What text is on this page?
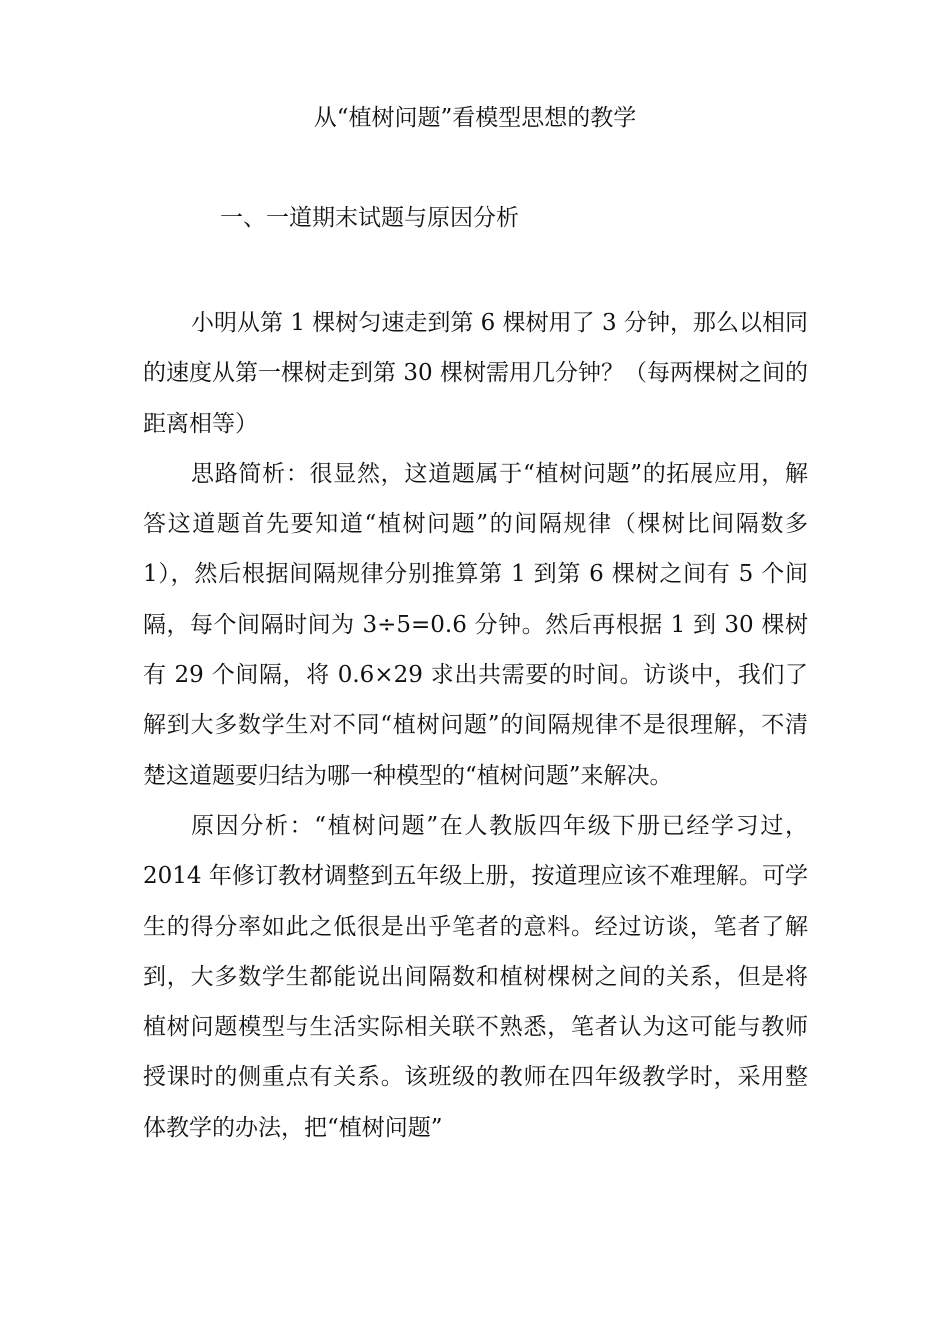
从“植树问题”看模型思想的教学
一、一道期末试题与原因分析

小明从第 1 棵树匀速走到第 6 棵树用了 3 分钟，那么以相同的速度从第一棵树走到第 30 棵树需用几分钟？（每两棵树之间的距离相等）

思路简析：很显然，这道题属于“植树问题”的拓展应用，解答这道题首先要知道“植树问题”的间隔规律（棵树比间隔数多 1），然后根据间隔规律分别推算第 1 到第 6 棵树之间有 5 个间隔，每个间隔时间为 3÷5=0.6 分钟。然后再根据 1 到 30 棵树有 29 个间隔，将 0.6×29 求出共需要的时间。访谈中，我们了解到大多数学生对不同“植树问题”的间隔规律不是很理解，不清楚这道题要归结为哪一种模型的“植树问题”来解决。

原因分析：“植树问题”在人教版四年级下册已经学习过，2014 年修订教材调整到五年级上册，按道理应该不难理解。可学生的得分率如此之低很是出乎笔者的意料。经过访谈，笔者了解到，大多数学生都能说出间隔数和植树棵树之间的关系，但是将植树问题模型与生活实际相关联不熟悉，笔者认为这可能与教师授课时的侧重点有关系。该班级的教师在四年级教学时，采用整体教学的办法，把“植树问题”
